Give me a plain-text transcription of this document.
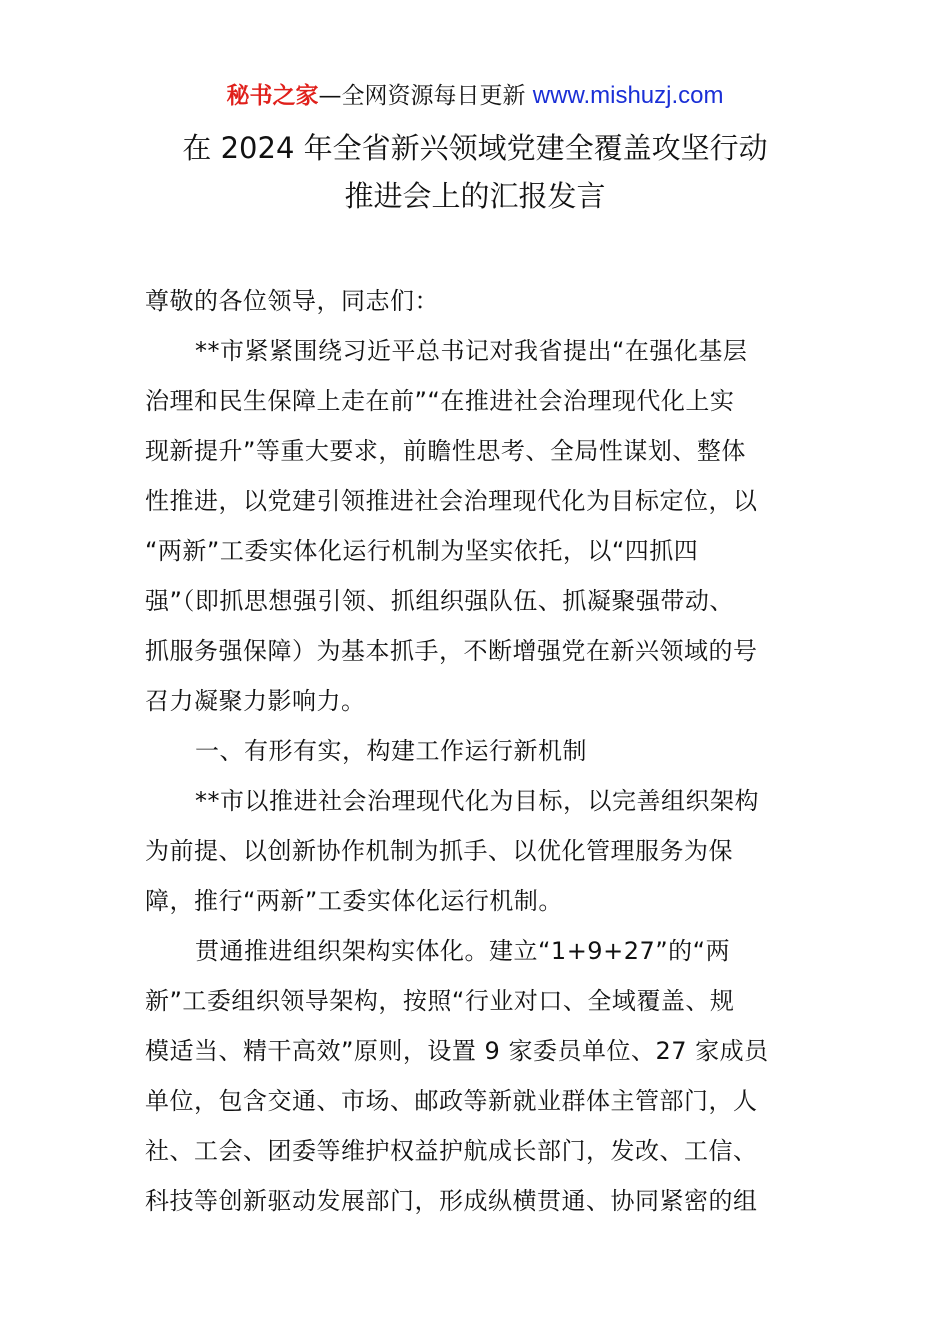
秘书之家—全网资源每日更新 www.mishuzj.com
在 2024 年全省新兴领域党建全覆盖攻坚行动
推进会上的汇报发言
尊敬的各位领导，同志们：
**市紧紧围绕习近平总书记对我省提出“在强化基层
治理和民生保障上走在前”“在推进社会治理现代化上实
现新提升”等重大要求，前瞻性思考、全局性谋划、整体
性推进，以党建引领推进社会治理现代化为目标定位，以
“两新”工委实体化运行机制为坚实依托，以“四抓四
强”（即抓思想强引领、抓组织强队伍、抓凝聚强带动、
抓服务强保障）为基本抓手，不断增强党在新兴领域的号
召力凝聚力影响力。
一、有形有实，构建工作运行新机制
**市以推进社会治理现代化为目标，以完善组织架构
为前提、以创新协作机制为抓手、以优化管理服务为保
障，推行“两新”工委实体化运行机制。
贯通推进组织架构实体化。建立“1+9+27”的“两
新”工委组织领导架构，按照“行业对口、全域覆盖、规
模适当、精干高效”原则，设置 9 家委员单位、27 家成员
单位，包含交通、市场、邮政等新就业群体主管部门，人
社、工会、团委等维护权益护航成长部门，发改、工信、
科技等创新驱动发展部门，形成纵横贯通、协同紧密的组
